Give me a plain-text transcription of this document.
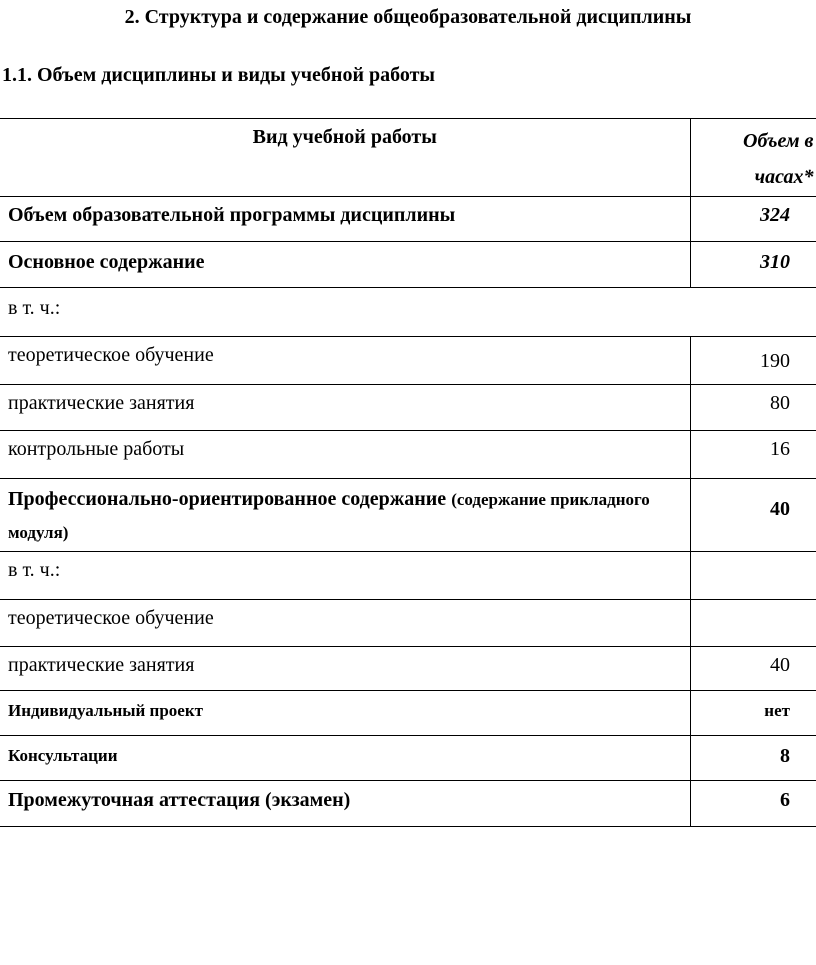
2. Структура и содержание общеобразовательной дисциплины
1.1. Объем дисциплины и виды учебной работы
Вид учебной работы	Объем в часах*
Объем образовательной программы дисциплины	324
Основное содержание	310
в т. ч.:	
теоретическое обучение	190
практические занятия	80
контрольные работы	16
Профессионально-ориентированное содержание (содержание прикладного модуля)	40
в т. ч.:	
теоретическое обучение	
практические занятия	40
Индивидуальный проект	нет
Консультации	8
Промежуточная аттестация (экзамен)	6
